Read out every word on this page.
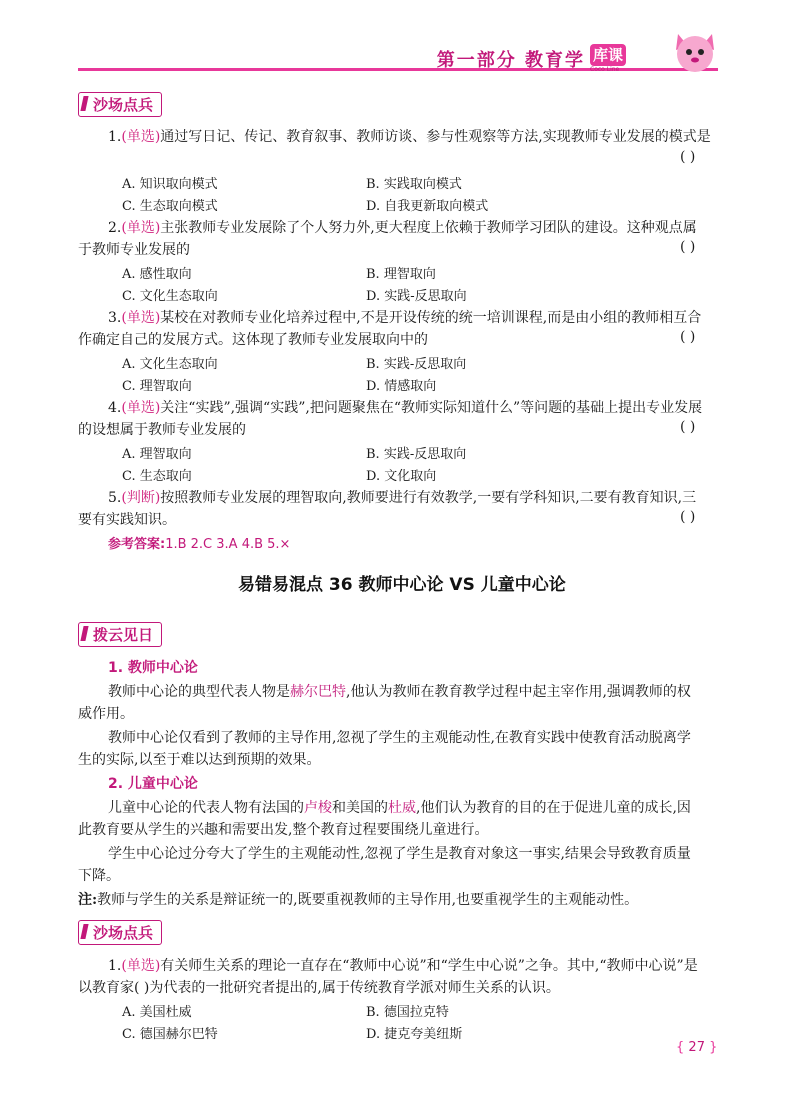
第一部分 教育学 库课
Coco Line
沙场点兵
1.(单选)通过写日记、传记、教育叙事、教师访谈、参与性观察等方法,实现教师专业发展的模式是
( )
A. 知识取向模式	B. 实践取向模式
C. 生态取向模式	D. 自我更新取向模式
2.(单选)主张教师专业发展除了个人努力外,更大程度上依赖于教师学习团队的建设。这种观点属
于教师专业发展的	( )
A. 感性取向	B. 理智取向
C. 文化生态取向	D. 实践-反思取向
3.(单选)某校在对教师专业化培养过程中,不是开设传统的统一培训课程,而是由小组的教师相互合
作确定自己的发展方式。这体现了教师专业发展取向中的	( )
A. 文化生态取向	B. 实践-反思取向
C. 理智取向	D. 情感取向
4.(单选)关注“实践”,强调“实践”,把问题聚焦在“教师实际知道什么”等问题的基础上提出专业发展
的设想属于教师专业发展的	( )
A. 理智取向	B. 实践-反思取向
C. 生态取向	D. 文化取向
5.(判断)按照教师专业发展的理智取向,教师要进行有效教学,一要有学科知识,二要有教育知识,三
要有实践知识。	( )
参考答案:1.B 2.C 3.A 4.B 5.×
易错易混点 36 教师中心论 VS 儿童中心论
拨云见日
1. 教师中心论
教师中心论的典型代表人物是赫尔巴特,他认为教师在教育教学过程中起主宰作用,强调教师的权
威作用。
教师中心论仅看到了教师的主导作用,忽视了学生的主观能动性,在教育实践中使教育活动脱离学
生的实际,以至于难以达到预期的效果。
2. 儿童中心论
儿童中心论的代表人物有法国的卢梭和美国的杜威,他们认为教育的目的在于促进儿童的成长,因
此教育要从学生的兴趣和需要出发,整个教育过程要围绕儿童进行。
学生中心论过分夸大了学生的主观能动性,忽视了学生是教育对象这一事实,结果会导致教育质量
下降。
注:教师与学生的关系是辩证统一的,既要重视教师的主导作用,也要重视学生的主观能动性。
沙场点兵
1.(单选)有关师生关系的理论一直存在“教师中心说”和“学生中心说”之争。其中,“教师中心说”是
以教育家( )为代表的一批研究者提出的,属于传统教育学派对师生关系的认识。
A. 美国杜威	B. 德国拉克特
C. 德国赫尔巴特	D. 捷克夸美纽斯
{ 27 }
